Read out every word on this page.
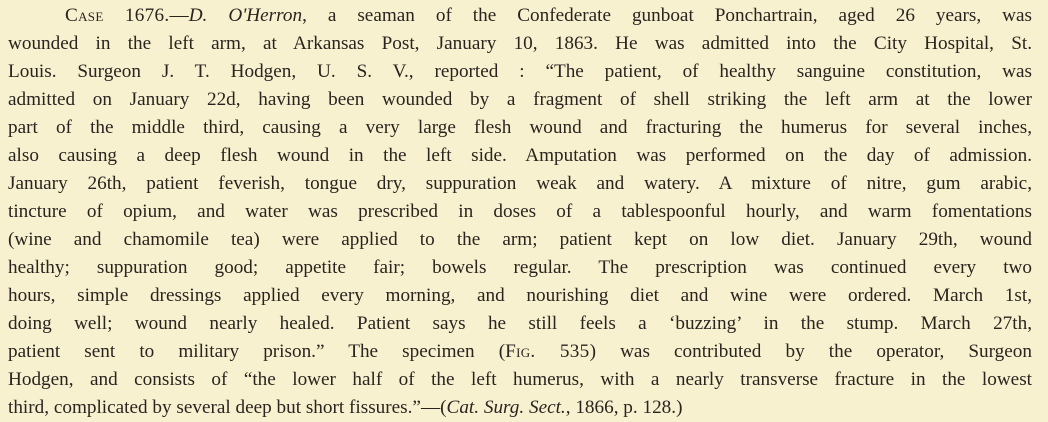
Case 1676.—D. O'Herron, a seaman of the Confederate gunboat Ponchartrain, aged 26 years, was
wounded in the left arm, at Arkansas Post, January 10, 1863. He was admitted into the City Hospital, St.
Louis. Surgeon J. T. Hodgen, U. S. V., reported : “The patient, of healthy sanguine constitution, was
admitted on January 22d, having been wounded by a fragment of shell striking the left arm at the lower
part of the middle third, causing a very large flesh wound and fracturing the humerus for several inches,
also causing a deep flesh wound in the left side. Amputation was performed on the day of admission.
January 26th, patient feverish, tongue dry, suppuration weak and watery. A mixture of nitre, gum arabic,
tincture of opium, and water was prescribed in doses of a tablespoonful hourly, and warm fomentations
(wine and chamomile tea) were applied to the arm; patient kept on low diet. January 29th, wound
healthy; suppuration good; appetite fair; bowels regular. The prescription was continued every two
hours, simple dressings applied every morning, and nourishing diet and wine were ordered. March 1st,
doing well; wound nearly healed. Patient says he still feels a ‘buzzing’ in the stump. March 27th,
patient sent to military prison.” The specimen (Fig. 535) was contributed by the operator, Surgeon
Hodgen, and consists of “the lower half of the left humerus, with a nearly transverse fracture in the lowest
third, complicated by several deep but short fissures.”—(Cat. Surg. Sect., 1866, p. 128.)
